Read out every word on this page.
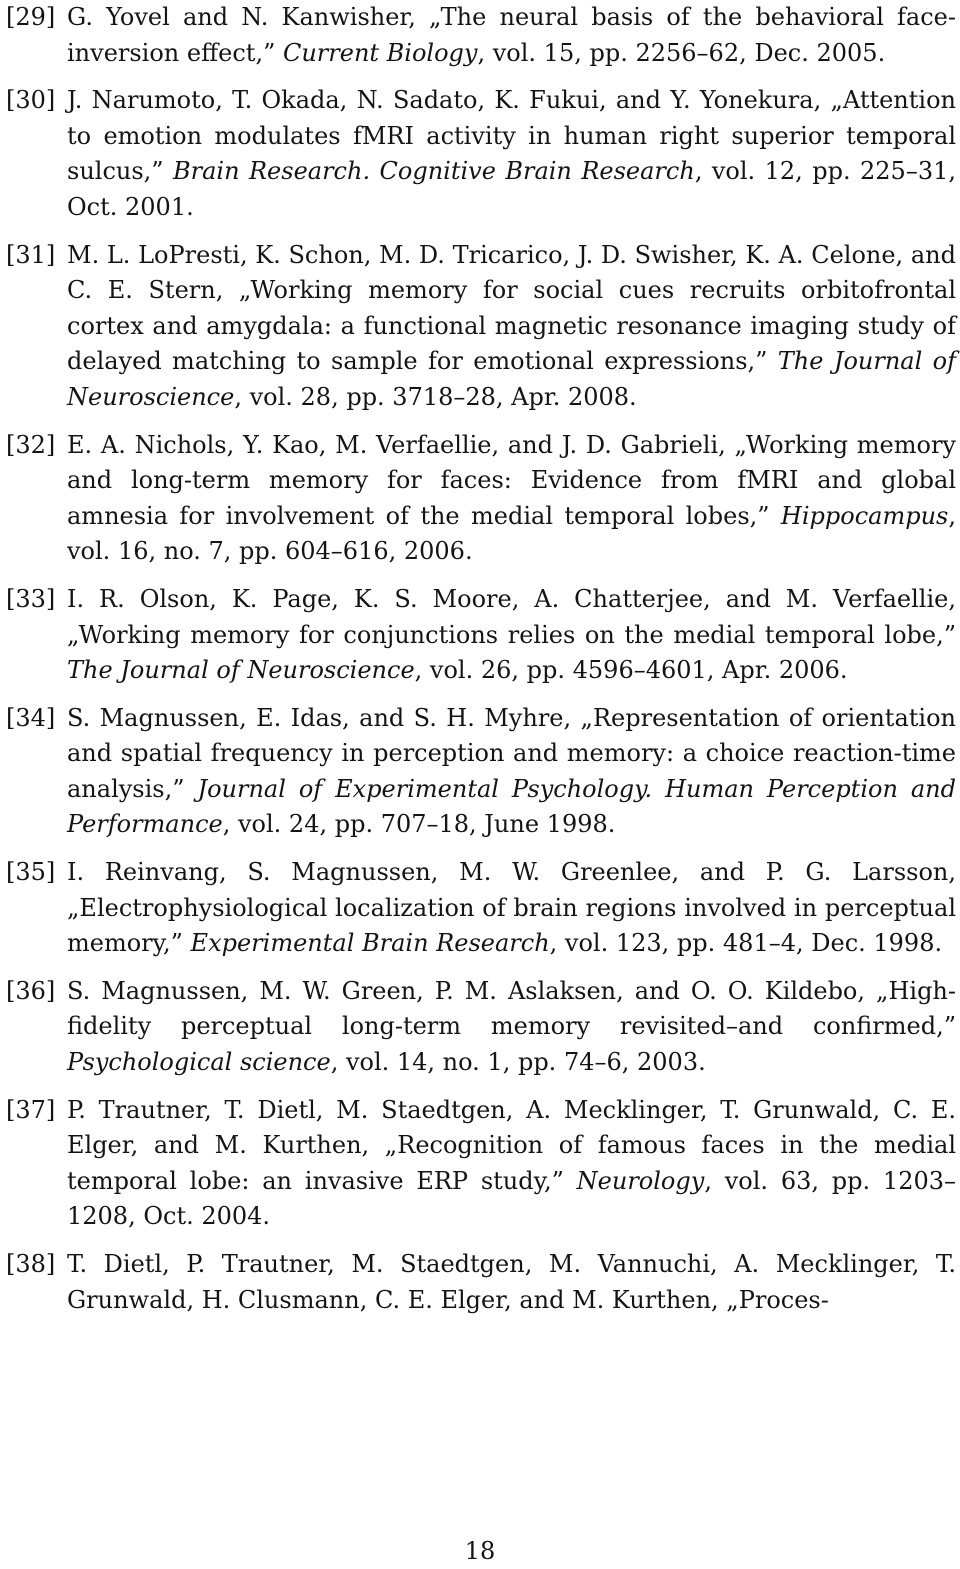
[29] G. Yovel and N. Kanwisher, „The neural basis of the behavioral face-inversion effect,” Current Biology, vol. 15, pp. 2256–62, Dec. 2005.
[30] J. Narumoto, T. Okada, N. Sadato, K. Fukui, and Y. Yonekura, „Attention to emotion modulates fMRI activity in human right superior temporal sulcus,” Brain Research. Cognitive Brain Research, vol. 12, pp. 225–31, Oct. 2001.
[31] M. L. LoPresti, K. Schon, M. D. Tricarico, J. D. Swisher, K. A. Celone, and C. E. Stern, „Working memory for social cues recruits orbitofrontal cortex and amygdala: a functional magnetic resonance imaging study of delayed matching to sample for emotional expressions,” The Journal of Neuroscience, vol. 28, pp. 3718–28, Apr. 2008.
[32] E. A. Nichols, Y. Kao, M. Verfaellie, and J. D. Gabrieli, „Working memory and long-term memory for faces: Evidence from fMRI and global amnesia for involvement of the medial temporal lobes,” Hippocampus, vol. 16, no. 7, pp. 604–616, 2006.
[33] I. R. Olson, K. Page, K. S. Moore, A. Chatterjee, and M. Verfaellie, „Working memory for conjunctions relies on the medial temporal lobe,” The Journal of Neuroscience, vol. 26, pp. 4596–4601, Apr. 2006.
[34] S. Magnussen, E. Idas, and S. H. Myhre, „Representation of orientation and spatial frequency in perception and memory: a choice reaction-time analysis,” Journal of Experimental Psychology. Human Perception and Performance, vol. 24, pp. 707–18, June 1998.
[35] I. Reinvang, S. Magnussen, M. W. Greenlee, and P. G. Larsson, „Electrophysiological localization of brain regions involved in perceptual memory,” Experimental Brain Research, vol. 123, pp. 481–4, Dec. 1998.
[36] S. Magnussen, M. W. Green, P. M. Aslaksen, and O. O. Kildebo, „High-fidelity perceptual long-term memory revisited–and confirmed,” Psychological science, vol. 14, no. 1, pp. 74–6, 2003.
[37] P. Trautner, T. Dietl, M. Staedtgen, A. Mecklinger, T. Grunwald, C. E. Elger, and M. Kurthen, „Recognition of famous faces in the medial temporal lobe: an invasive ERP study,” Neurology, vol. 63, pp. 1203–1208, Oct. 2004.
[38] T. Dietl, P. Trautner, M. Staedtgen, M. Vannuchi, A. Mecklinger, T. Grunwald, H. Clusmann, C. E. Elger, and M. Kurthen, „Proces-
18
